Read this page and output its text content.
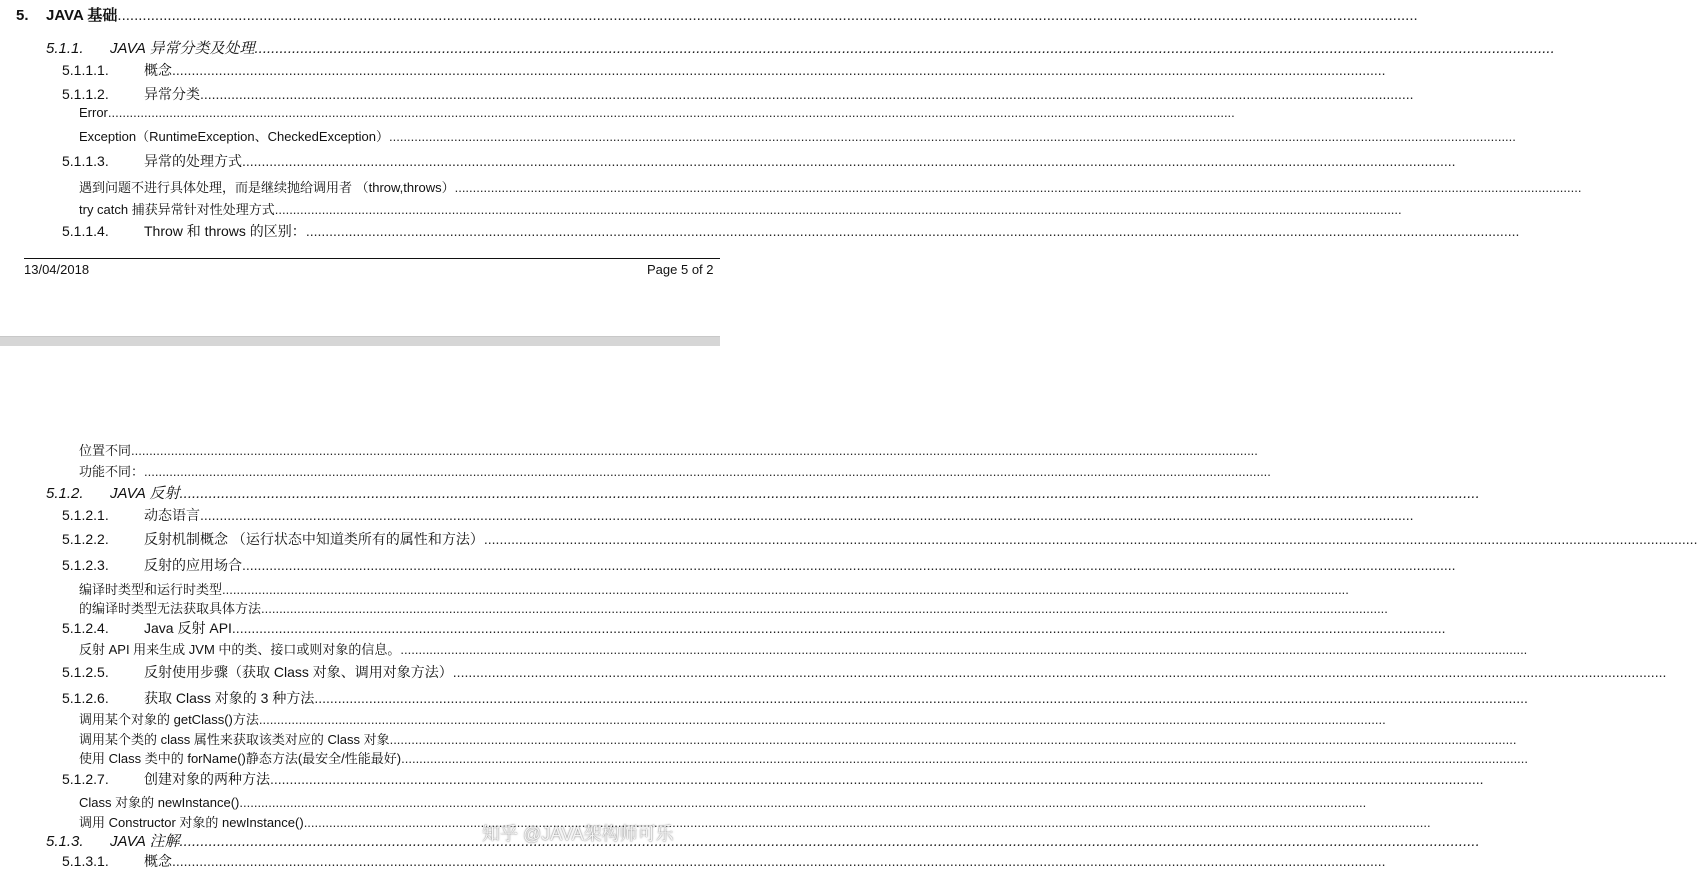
5.	JAVA 基础
.....
5.1.1.	JAVA 异常分类及处理
.....
5.1.1.1.	概念
.....
5.1.1.2.	异常分类
.....
Error
.....
Exception（RuntimeException、CheckedException）
.....
5.1.1.3.	异常的处理方式
.....
遇到问题不进行具体处理，而是继续抛给调用者 （throw,throws）
.....
try catch 捕获异常针对性处理方式
.....
5.1.1.4.	Throw 和 throws 的区别：
.....
13/04/2018	Page 5 of 2
位置不同
.....
功能不同：
.....
5.1.2.	JAVA 反射
.....
5.1.2.1.	动态语言
.....
5.1.2.2.	反射机制概念 （运行状态中知道类所有的属性和方法）
.....
5.1.2.3.	反射的应用场合
.....
编译时类型和运行时类型
.....
的编译时类型无法获取具体方法
.....
5.1.2.4.	Java 反射 API
.....
反射 API 用来生成 JVM 中的类、接口或则对象的信息。
.....
5.1.2.5.	反射使用步骤（获取 Class 对象、调用对象方法）
.....
5.1.2.6.	获取 Class 对象的 3 种方法
.....
调用某个对象的 getClass()方法
.....
调用某个类的 class 属性来获取该类对应的 Class 对象
.....
使用 Class 类中的 forName()静态方法(最安全/性能最好)
.....
5.1.2.7.	创建对象的两种方法
.....
Class 对象的 newInstance()
.....
调用 Constructor 对象的 newInstance()
.....
5.1.3.	JAVA 注解
.....
5.1.3.1.	概念
.....
知乎 @JAVA架构师可乐
